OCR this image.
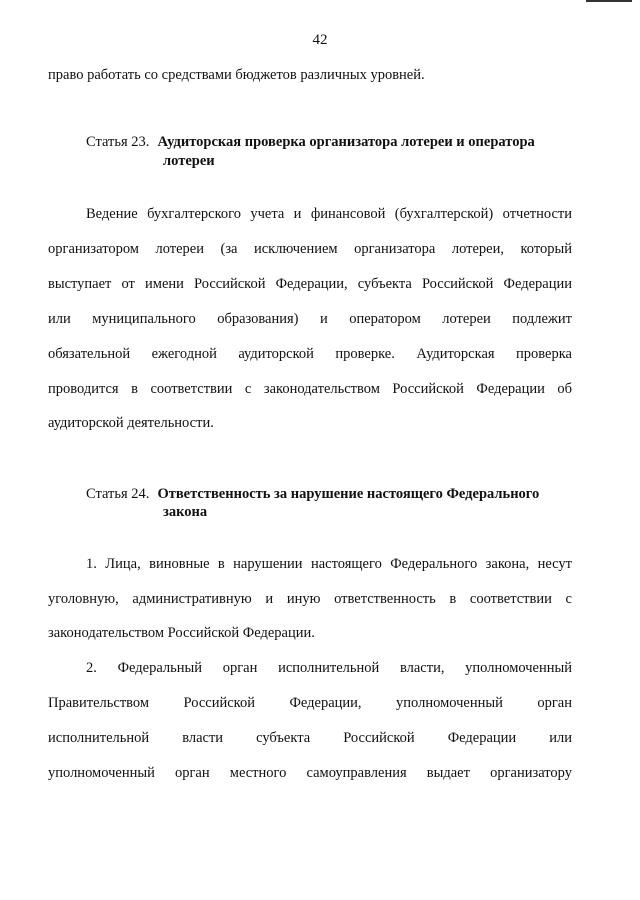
42
право работать со средствами бюджетов различных уровней.
Статья 23. Аудиторская проверка организатора лотереи и оператора
лотереи
Ведение бухгалтерского учета и финансовой (бухгалтерской) отчетности
организатором лотереи (за исключением организатора лотереи, который
выступает от имени Российской Федерации, субъекта Российской Федерации
или муниципального образования) и оператором лотереи подлежит
обязательной ежегодной аудиторской проверке. Аудиторская проверка
проводится в соответствии с законодательством Российской Федерации об
аудиторской деятельности.
Статья 24. Ответственность за нарушение настоящего Федерального
закона
1. Лица, виновные в нарушении настоящего Федерального закона, несут
уголовную, административную и иную ответственность в соответствии с
законодательством Российской Федерации.
2. Федеральный орган исполнительной власти, уполномоченный
Правительством Российской Федерации, уполномоченный орган
исполнительной власти субъекта Российской Федерации или
уполномоченный орган местного самоуправления выдает организатору
